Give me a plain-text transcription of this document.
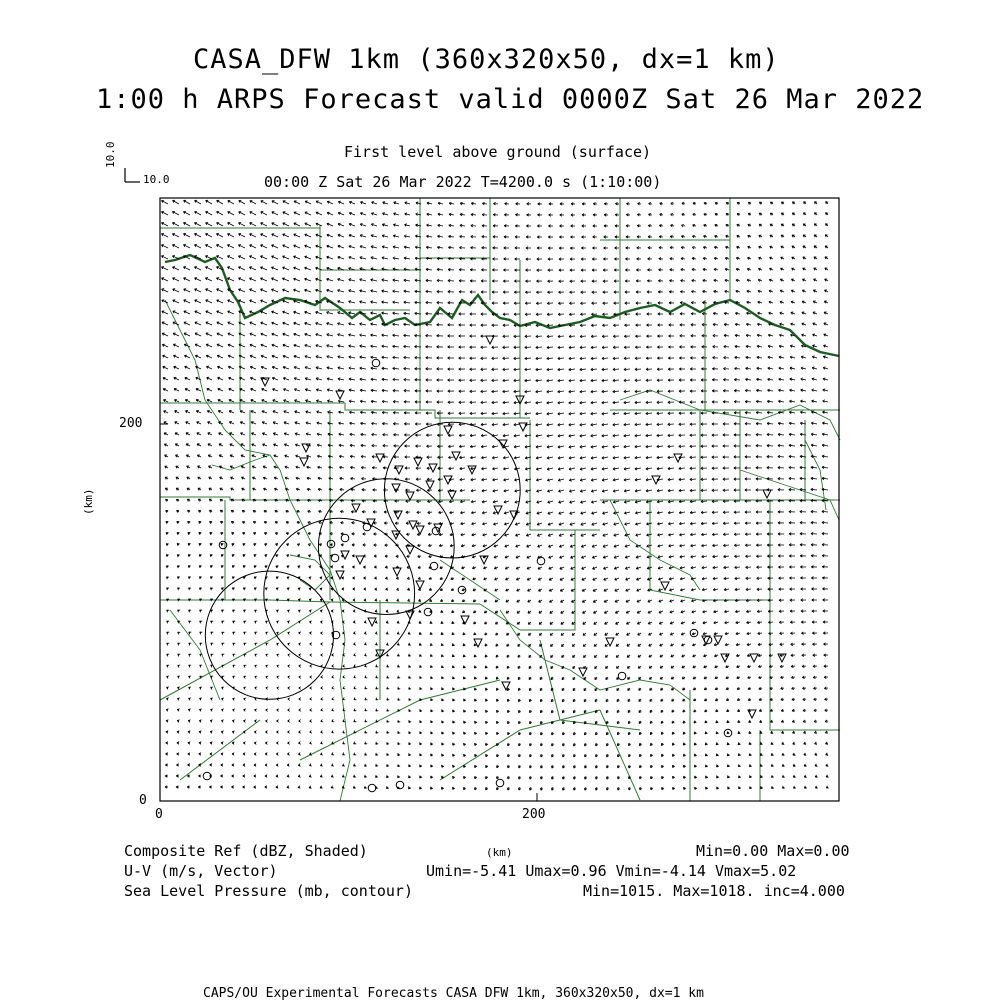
CASA_DFW 1km (360x320x50, dx=1 km)
1:00 h ARPS Forecast valid 0000Z Sat 26 Mar 2022
First level above ground (surface)
00:00 Z Sat 26 Mar 2022 T=4200.0 s (1:10:00)
10.0
10.0
200
0
0	200
(km)
Composite Ref (dBZ, Shaded)	Min=0.00 Max=0.00
(km)
U-V (m/s, Vector)	Umin=-5.41 Umax=0.96 Vmin=-4.14 Vmax=5.02
Sea Level Pressure (mb, contour)	Min=1015. Max=1018. inc=4.000
CAPS/OU Experimental Forecasts CASA DFW 1km, 360x320x50, dx=1 km
